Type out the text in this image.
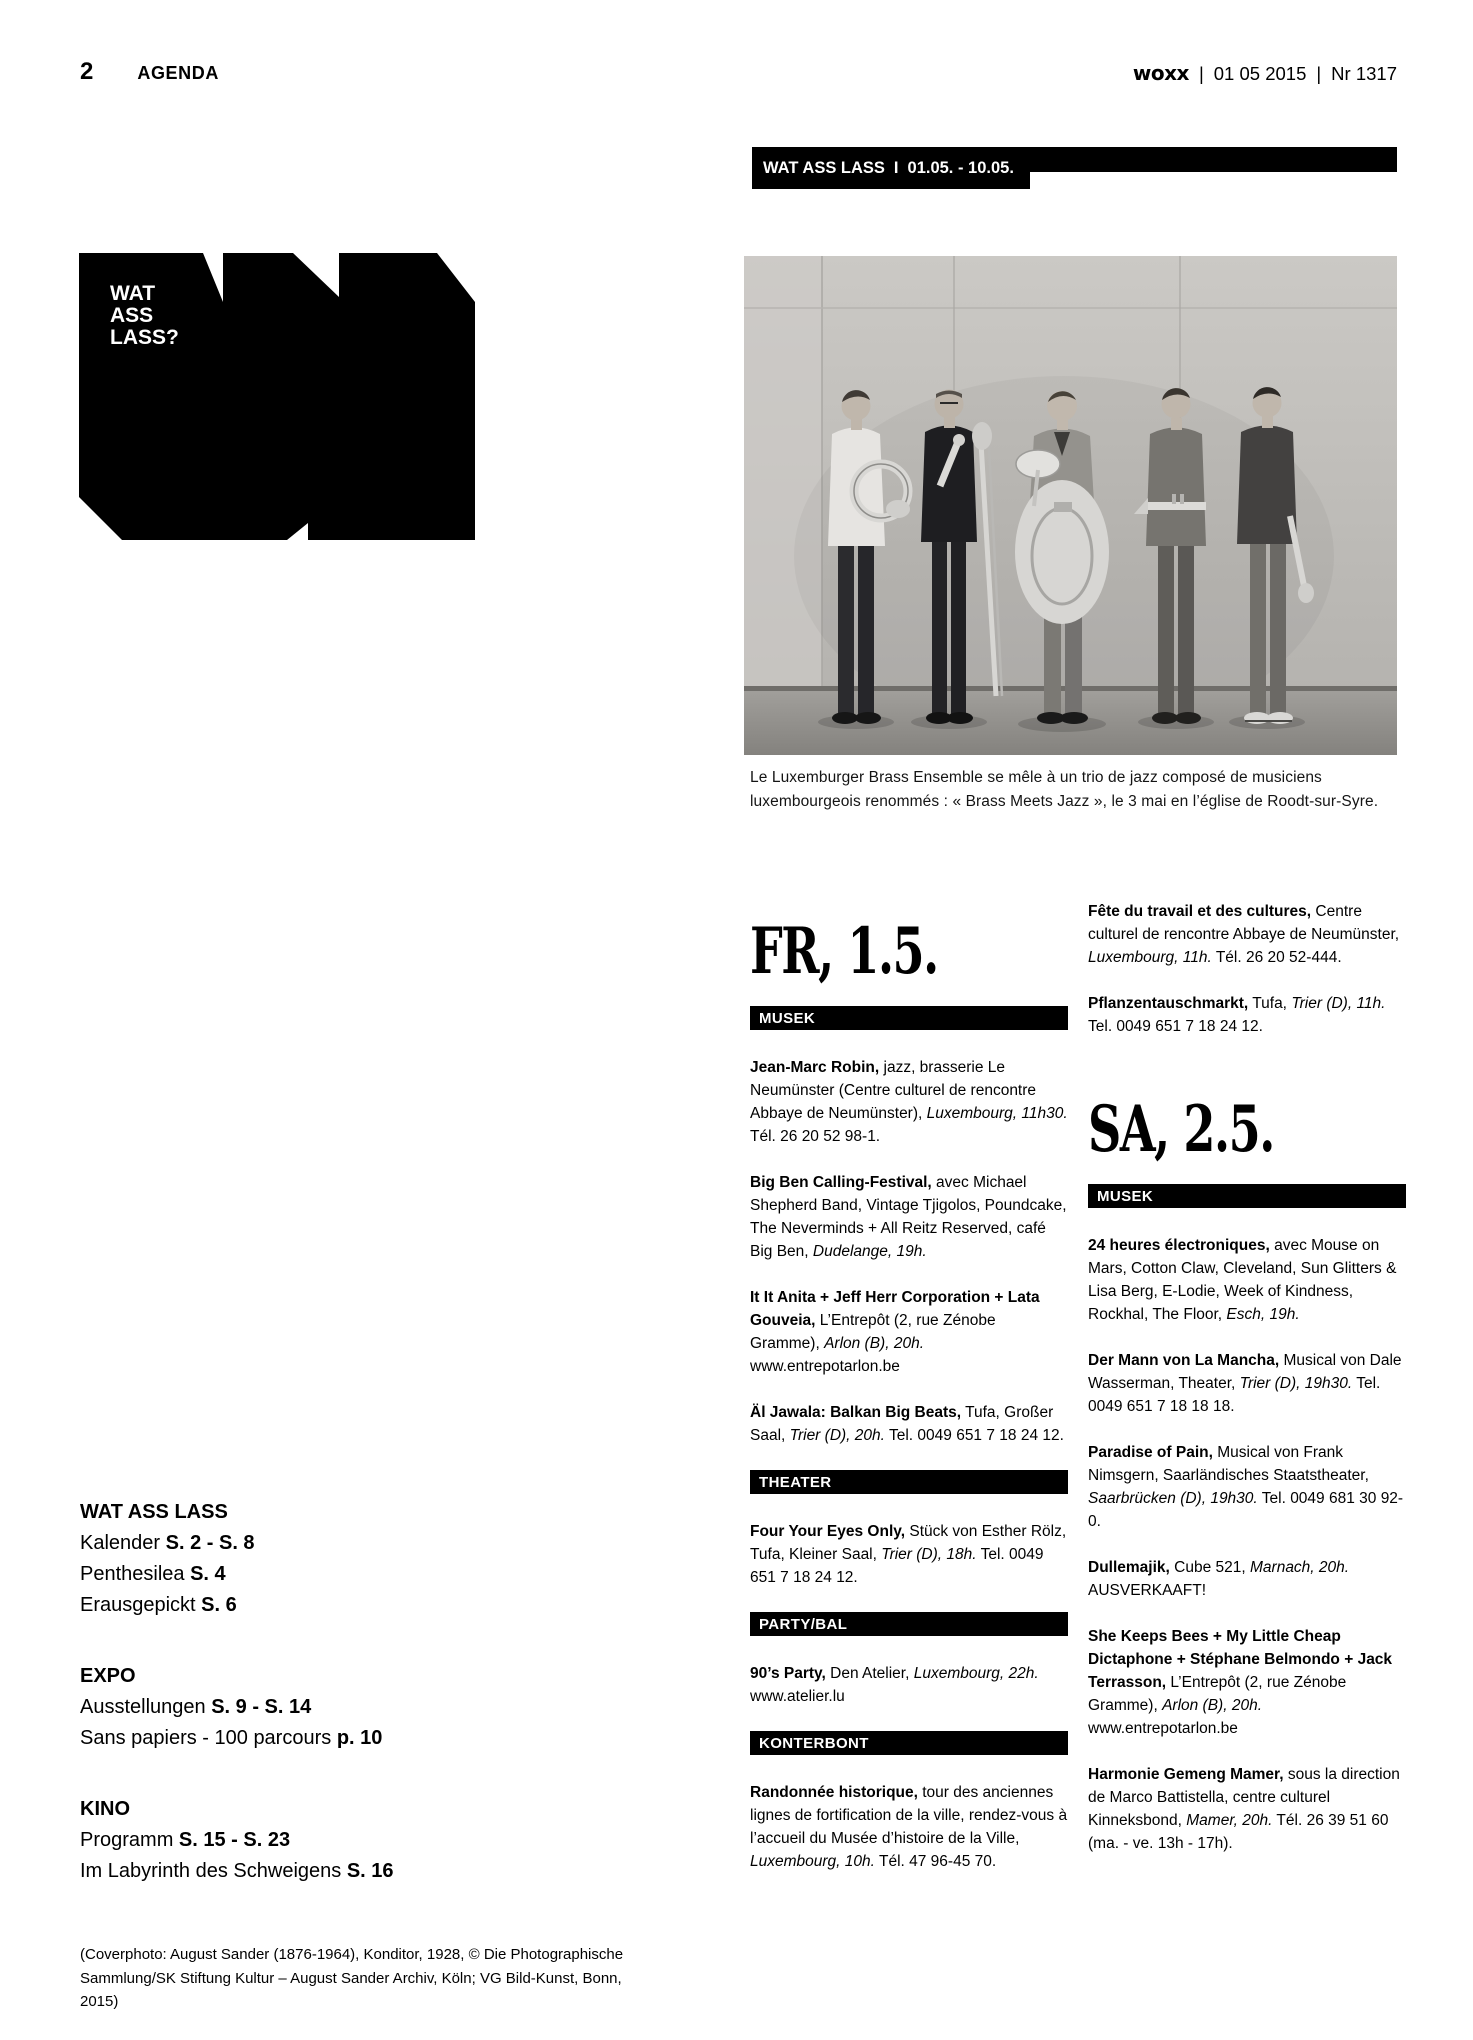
2 AGENDA	woxx | 01 05 2015 | Nr 1317
WAT ASS LASS I 01.05. - 10.05.
WAT
ASS
LASS?
Le Luxemburger Brass Ensemble se mêle à un trio de jazz composé de musiciens
luxembourgeois renommés : « Brass Meets Jazz », le 3 mai en l’église de Roodt-sur-Syre.
FR, 1.5.
MUSEK

Jean-Marc Robin, jazz, brasserie Le Neumünster (Centre culturel de rencontre Abbaye de Neumünster), Luxembourg, 11h30. Tél. 26 20 52 98-1.

Big Ben Calling-Festival, avec Michael Shepherd Band, Vintage Tjigolos, Poundcake, The Neverminds + All Reitz Reserved, café Big Ben, Dudelange, 19h.

It It Anita + Jeff Herr Corporation + Lata Gouveia, L’Entrepôt (2, rue Zénobe Gramme), Arlon (B), 20h. www.entrepotarlon.be

Äl Jawala: Balkan Big Beats, Tufa, Großer Saal, Trier (D), 20h. Tel. 0049 651 7 18 24 12.

THEATER

Four Your Eyes Only, Stück von Esther Rölz, Tufa, Kleiner Saal, Trier (D), 18h. Tel. 0049 651 7 18 24 12.

PARTY/BAL

90’s Party, Den Atelier, Luxembourg, 22h. www.atelier.lu

KONTERBONT

Randonnée historique, tour des anciennes lignes de fortification de la ville, rendez-vous à l’accueil du Musée d’histoire de la Ville, Luxembourg, 10h. Tél. 47 96-45 70.

Fête du travail et des cultures, Centre culturel de rencontre Abbaye de Neumünster, Luxembourg, 11h. Tél. 26 20 52-444.

Pflanzentauschmarkt, Tufa, Trier (D), 11h. Tel. 0049 651 7 18 24 12.

SA, 2.5.
MUSEK

24 heures électroniques, avec Mouse on Mars, Cotton Claw, Cleveland, Sun Glitters & Lisa Berg, E-Lodie, Week of Kindness, Rockhal, The Floor, Esch, 19h.

Der Mann von La Mancha, Musical von Dale Wasserman, Theater, Trier (D), 19h30. Tel. 0049 651 7 18 18 18.

Paradise of Pain, Musical von Frank Nimsgern, Saarländisches Staatstheater, Saarbrücken (D), 19h30. Tel. 0049 681 30 92-0.

Dullemajik, Cube 521, Marnach, 20h. AUSVERKAAFT!

She Keeps Bees + My Little Cheap Dictaphone + Stéphane Belmondo + Jack Terrasson, L’Entrepôt (2, rue Zénobe Gramme), Arlon (B), 20h. www.entrepotarlon.be

Harmonie Gemeng Mamer, sous la direction de Marco Battistella, centre culturel Kinneksbond, Mamer, 20h. Tél. 26 39 51 60 (ma. - ve. 13h - 17h).

WAT ASS LASS
Kalender S. 2 - S. 8
Penthesilea S. 4
Erausgepickt S. 6
EXPO
Ausstellungen S. 9 - S. 14
Sans papiers - 100 parcours p. 10
KINO
Programm S. 15 - S. 23
Im Labyrinth des Schweigens S. 16
(Coverphoto: August Sander (1876-1964), Konditor, 1928, © Die Photographische Sammlung/SK Stiftung Kultur – August Sander Archiv, Köln; VG Bild-Kunst, Bonn, 2015)
